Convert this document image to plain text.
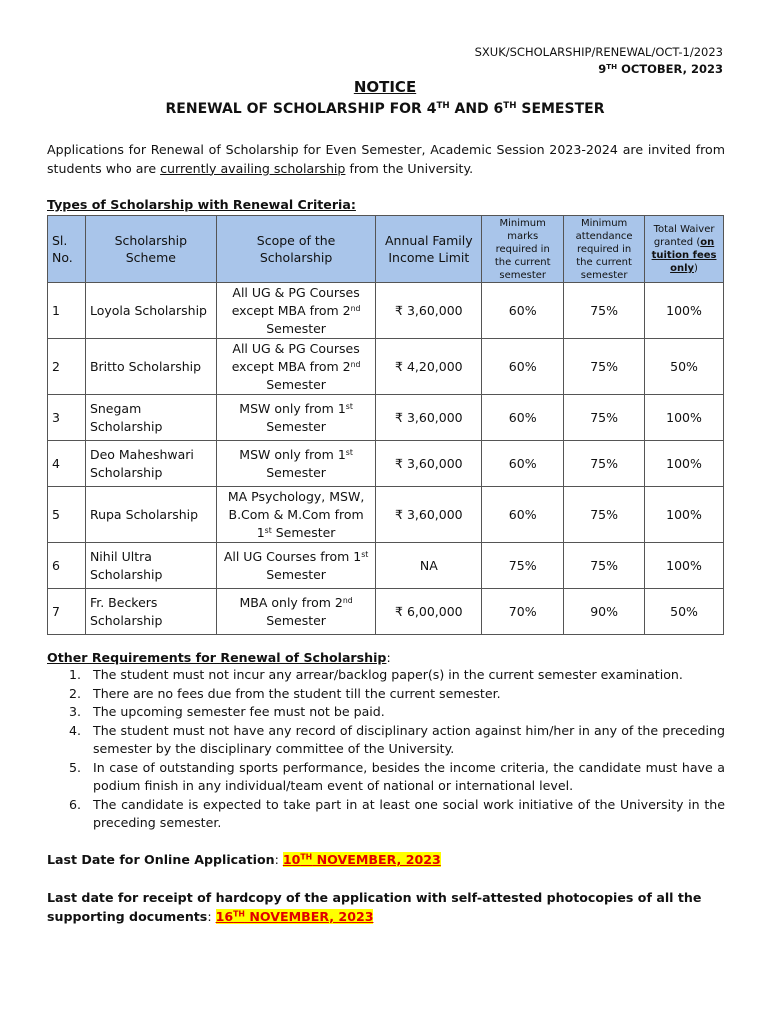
SXUK/SCHOLARSHIP/RENEWAL/OCT-1/2023
9TH OCTOBER, 2023
NOTICE
RENEWAL OF SCHOLARSHIP FOR 4TH AND 6TH SEMESTER
Applications for Renewal of Scholarship for Even Semester, Academic Session 2023-2024 are invited from students who are currently availing scholarship from the University.
Types of Scholarship with Renewal Criteria:
Sl. No.	Scholarship Scheme	Scope of the Scholarship	Annual Family Income Limit	Minimum marks required in the current semester	Minimum attendance required in the current semester	Total Waiver granted (on tuition fees only)
1	Loyola Scholarship	All UG & PG Courses except MBA from 2nd Semester	₹ 3,60,000	60%	75%	100%
2	Britto Scholarship	All UG & PG Courses except MBA from 2nd Semester	₹ 4,20,000	60%	75%	50%
3	Snegam Scholarship	MSW only from 1st Semester	₹ 3,60,000	60%	75%	100%
4	Deo Maheshwari Scholarship	MSW only from 1st Semester	₹ 3,60,000	60%	75%	100%
5	Rupa Scholarship	MA Psychology, MSW, B.Com & M.Com from 1st Semester	₹ 3,60,000	60%	75%	100%
6	Nihil Ultra Scholarship	All UG Courses from 1st Semester	NA	75%	75%	100%
7	Fr. Beckers Scholarship	MBA only from 2nd Semester	₹ 6,00,000	70%	90%	50%
Other Requirements for Renewal of Scholarship:
1. The student must not incur any arrear/backlog paper(s) in the current semester examination.
2. There are no fees due from the student till the current semester.
3. The upcoming semester fee must not be paid.
4. The student must not have any record of disciplinary action against him/her in any of the preceding semester by the disciplinary committee of the University.
5. In case of outstanding sports performance, besides the income criteria, the candidate must have a podium finish in any individual/team event of national or international level.
6. The candidate is expected to take part in at least one social work initiative of the University in the preceding semester.
Last Date for Online Application: 10TH NOVEMBER, 2023
Last date for receipt of hardcopy of the application with self-attested photocopies of all the supporting documents: 16TH NOVEMBER, 2023
